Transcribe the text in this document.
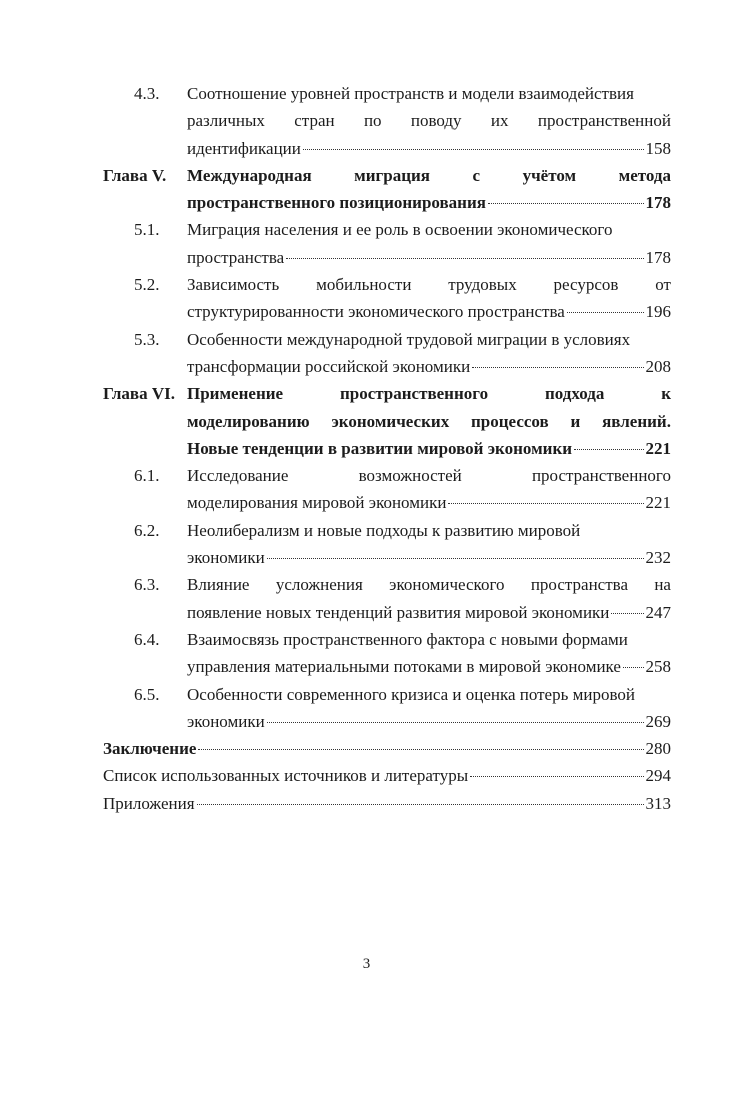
4.3. Соотношение уровней пространств и модели взаимодействия
различных стран по поводу их пространственной
идентификации	158
Глава V. Международная	миграция	с	учётом	метода
пространственного позиционирования	178
5.1. Миграция населения и ее роль в освоении экономического
пространства	178
5.2. Зависимость мобильности трудовых ресурсов от
структурированности экономического пространства	196
5.3. Особенности международной трудовой миграции в условиях
трансформации российской экономики	208
Глава VI. Применение	пространственного	подхода	к
моделированию экономических процессов и явлений.
Новые тенденции в развитии мировой экономики	221
6.1. Исследование	возможностей	пространственного
моделирования мировой экономики	221
6.2. Неолиберализм и новые подходы к развитию мировой
экономики	232
6.3. Влияние усложнения экономического пространства на
появление новых тенденций развития мировой экономики 247
6.4. Взаимосвязь пространственного фактора с новыми формами
управления материальными потоками в мировой экономике 258
6.5. Особенности современного кризиса и оценка потерь мировой
экономики	269
Заключение	280
Список использованных источников и литературы	294
Приложения	313
3
